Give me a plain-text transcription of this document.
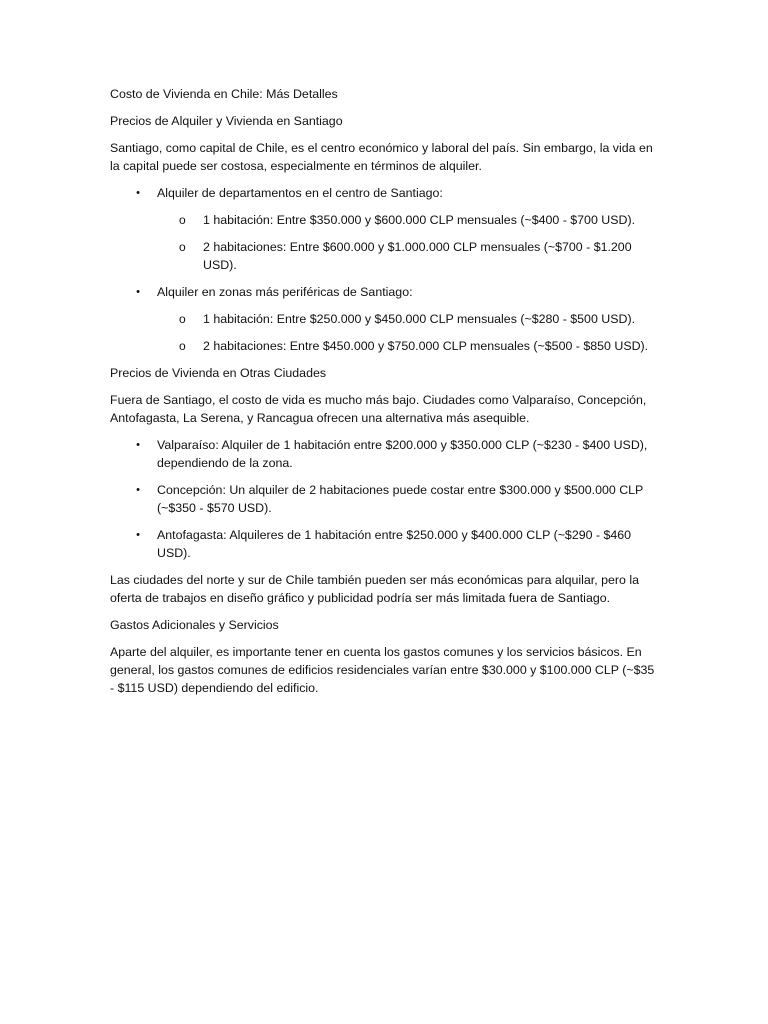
Costo de Vivienda en Chile: Más Detalles

Precios de Alquiler y Vivienda en Santiago

Santiago, como capital de Chile, es el centro económico y laboral del país. Sin embargo, la vida en la capital puede ser costosa, especialmente en términos de alquiler.

•	Alquiler de departamentos en el centro de Santiago:
o 1 habitación: Entre $350.000 y $600.000 CLP mensuales (~$400 - $700 USD).
o 2 habitaciones: Entre $600.000 y $1.000.000 CLP mensuales (~$700 - $1.200 USD).
•	Alquiler en zonas más periféricas de Santiago:
o 1 habitación: Entre $250.000 y $450.000 CLP mensuales (~$280 - $500 USD).
o 2 habitaciones: Entre $450.000 y $750.000 CLP mensuales (~$500 - $850 USD).

Precios de Vivienda en Otras Ciudades

Fuera de Santiago, el costo de vida es mucho más bajo. Ciudades como Valparaíso, Concepción, Antofagasta, La Serena, y Rancagua ofrecen una alternativa más asequible.

•	Valparaíso: Alquiler de 1 habitación entre $200.000 y $350.000 CLP (~$230 - $400 USD), dependiendo de la zona.
•	Concepción: Un alquiler de 2 habitaciones puede costar entre $300.000 y $500.000 CLP (~$350 - $570 USD).
•	Antofagasta: Alquileres de 1 habitación entre $250.000 y $400.000 CLP (~$290 - $460 USD).

Las ciudades del norte y sur de Chile también pueden ser más económicas para alquilar, pero la oferta de trabajos en diseño gráfico y publicidad podría ser más limitada fuera de Santiago.

Gastos Adicionales y Servicios

Aparte del alquiler, es importante tener en cuenta los gastos comunes y los servicios básicos. En general, los gastos comunes de edificios residenciales varían entre $30.000 y $100.000 CLP (~$35 - $115 USD) dependiendo del edificio.
